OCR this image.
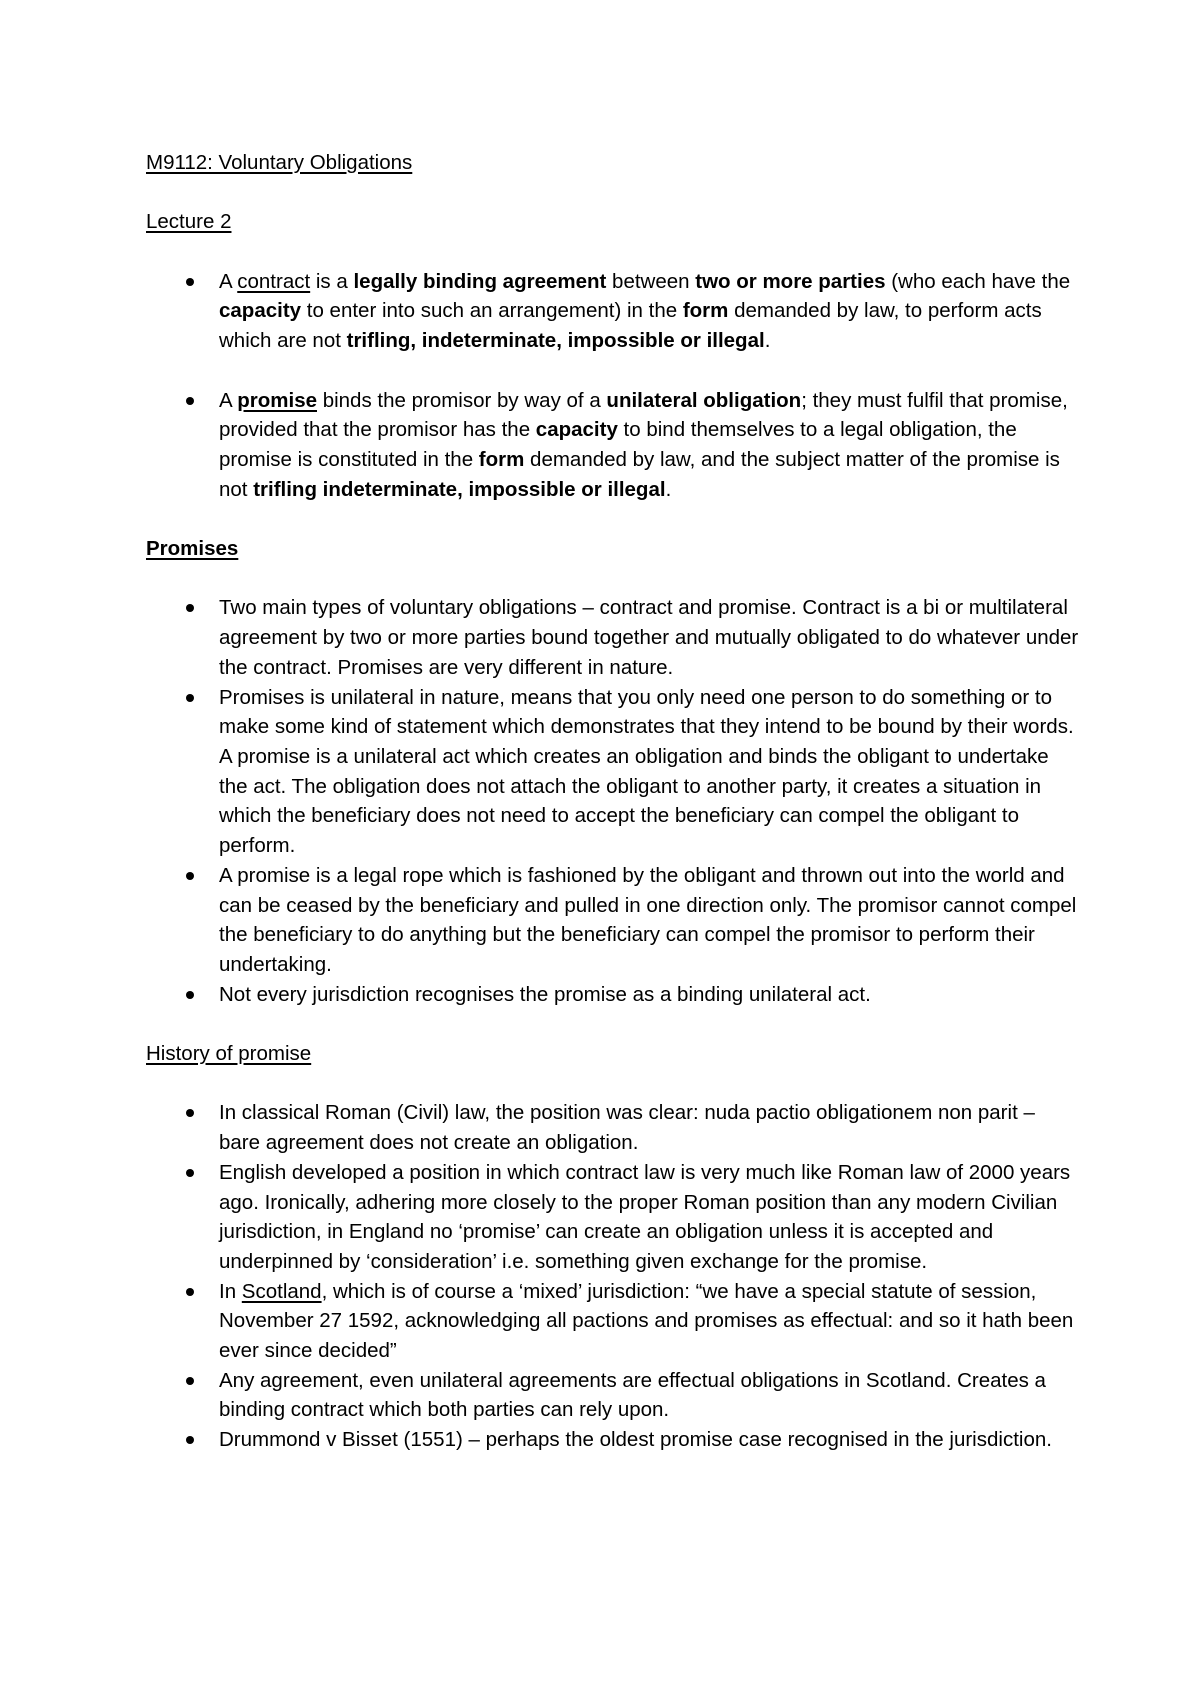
M9112: Voluntary Obligations
Lecture 2
A contract is a legally binding agreement between two or more parties (who each have the capacity to enter into such an arrangement) in the form demanded by law, to perform acts which are not trifling, indeterminate, impossible or illegal.
A promise binds the promisor by way of a unilateral obligation; they must fulfil that promise, provided that the promisor has the capacity to bind themselves to a legal obligation, the promise is constituted in the form demanded by law, and the subject matter of the promise is not trifling indeterminate, impossible or illegal.
Promises
Two main types of voluntary obligations – contract and promise. Contract is a bi or multilateral agreement by two or more parties bound together and mutually obligated to do whatever under the contract. Promises are very different in nature.
Promises is unilateral in nature, means that you only need one person to do something or to make some kind of statement which demonstrates that they intend to be bound by their words. A promise is a unilateral act which creates an obligation and binds the obligant to undertake the act. The obligation does not attach the obligant to another party, it creates a situation in which the beneficiary does not need to accept the beneficiary can compel the obligant to perform.
A promise is a legal rope which is fashioned by the obligant and thrown out into the world and can be ceased by the beneficiary and pulled in one direction only. The promisor cannot compel the beneficiary to do anything but the beneficiary can compel the promisor to perform their undertaking.
Not every jurisdiction recognises the promise as a binding unilateral act.
History of promise
In classical Roman (Civil) law, the position was clear: nuda pactio obligationem non parit – bare agreement does not create an obligation.
English developed a position in which contract law is very much like Roman law of 2000 years ago. Ironically, adhering more closely to the proper Roman position than any modern Civilian jurisdiction, in England no ‘promise’ can create an obligation unless it is accepted and underpinned by ‘consideration’ i.e. something given exchange for the promise.
In Scotland, which is of course a ‘mixed’ jurisdiction: “we have a special statute of session, November 27 1592, acknowledging all pactions and promises as effectual: and so it hath been ever since decided”
Any agreement, even unilateral agreements are effectual obligations in Scotland. Creates a binding contract which both parties can rely upon.
Drummond v Bisset (1551) – perhaps the oldest promise case recognised in the jurisdiction.
